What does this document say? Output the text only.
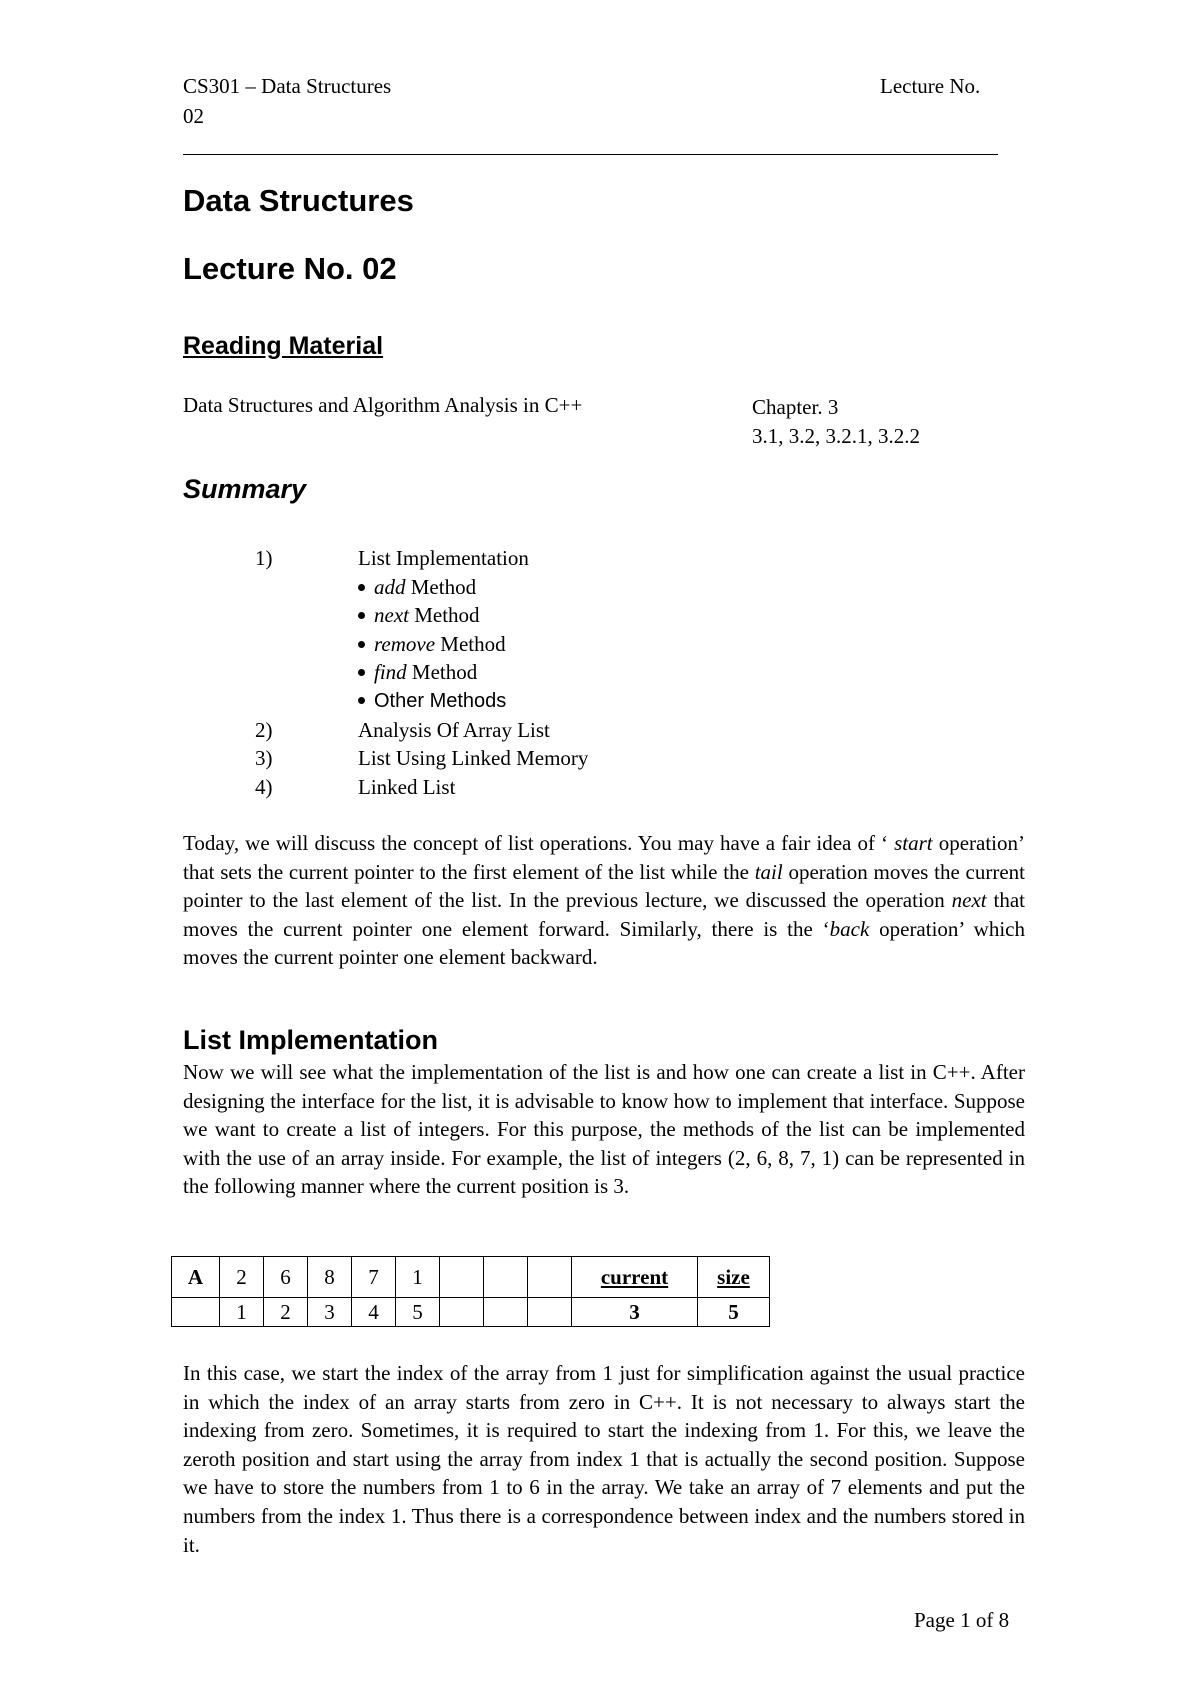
CS301 – Data Structures	Lecture No.
02
Data Structures
Lecture No. 02
Reading Material
Data Structures and Algorithm Analysis in C++	Chapter. 3
3.1, 3.2, 3.2.1, 3.2.2
Summary
1)	List Implementation
add Method
next Method
remove Method
find Method
Other Methods
2)	Analysis Of Array List
3)	List Using Linked Memory
4)	Linked List
Today, we will discuss the concept of list operations. You may have a fair idea of ‘ start operation’ that sets the current pointer to the first element of the list while the tail operation moves the current pointer to the last element of the list. In the previous lecture, we discussed the operation next that moves the current pointer one element forward. Similarly, there is the ‘back operation’ which moves the current pointer one element backward.
List Implementation
Now we will see what the implementation of the list is and how one can create a list in C++. After designing the interface for the list, it is advisable to know how to implement that interface. Suppose we want to create a list of integers. For this purpose, the methods of the list can be implemented with the use of an array inside. For example, the list of integers (2, 6, 8, 7, 1) can be represented in the following manner where the current position is 3.
A	2	6	8	7	1				current	size
	1	2	3	4	5				3	5
In this case, we start the index of the array from 1 just for simplification against the usual practice in which the index of an array starts from zero in C++. It is not necessary to always start the indexing from zero. Sometimes, it is required to start the indexing from 1. For this, we leave the zeroth position and start using the array from index 1 that is actually the second position. Suppose we have to store the numbers from 1 to 6 in the array. We take an array of 7 elements and put the numbers from the index 1. Thus there is a correspondence between index and the numbers stored in it.
Page 1 of 8
